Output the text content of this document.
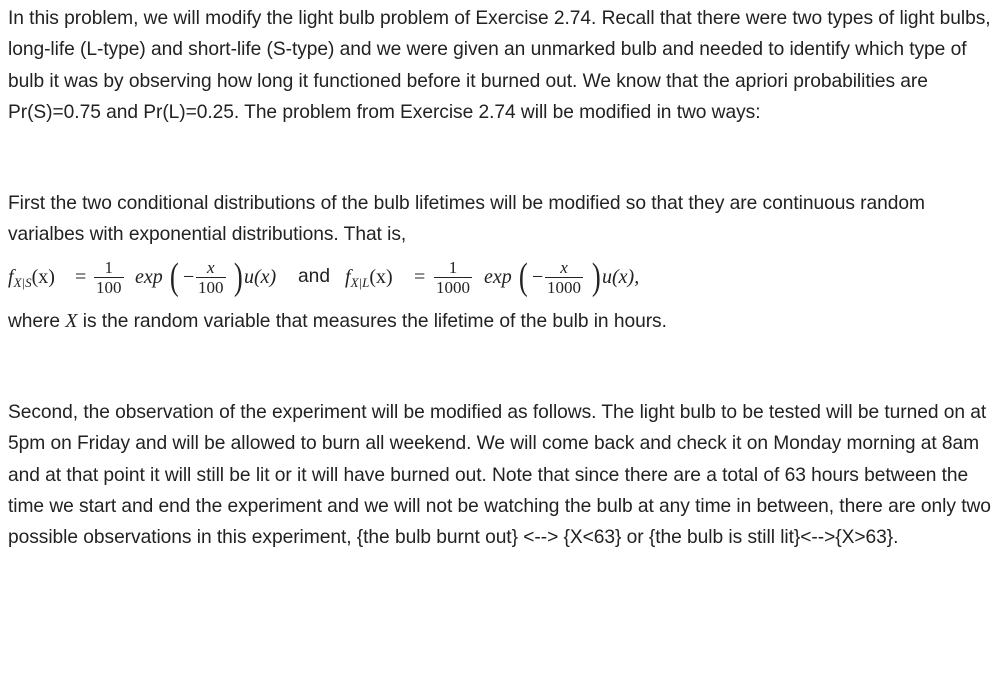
In this problem, we will modify the light bulb problem of Exercise 2.74. Recall that there were two types of light bulbs, long-life (L-type) and short-life (S-type) and we were given an unmarked bulb and needed to identify which type of bulb it was by observing how long it functioned before it burned out. We know that the apriori probabilities are Pr(S)=0.75 and Pr(L)=0.25. The problem from Exercise 2.74 will be modified in two ways:

First the two conditional distributions of the bulb lifetimes will be modified so that they are continuous random varialbes with exponential distributions. That is,

$f_{X|S}(x) = \frac{1}{100}$ exp ( − $\frac{x}{100}$ ) u(x) and $f_{X|L}(x) = \frac{1}{1000}$ exp ( − $\frac{x}{1000}$ ) u(x),

where X is the random variable that measures the lifetime of the bulb in hours.

Second, the observation of the experiment will be modified as follows. The light bulb to be tested will be turned on at 5pm on Friday and will be allowed to burn all weekend. We will come back and check it on Monday morning at 8am and at that point it will still be lit or it will have burned out. Note that since there are a total of 63 hours between the time we start and end the experiment and we will not be watching the bulb at any time in between, there are only two possible observations in this experiment, {the bulb burnt out} <--> {X<63} or {the bulb is still lit}<-->{X>63}.
